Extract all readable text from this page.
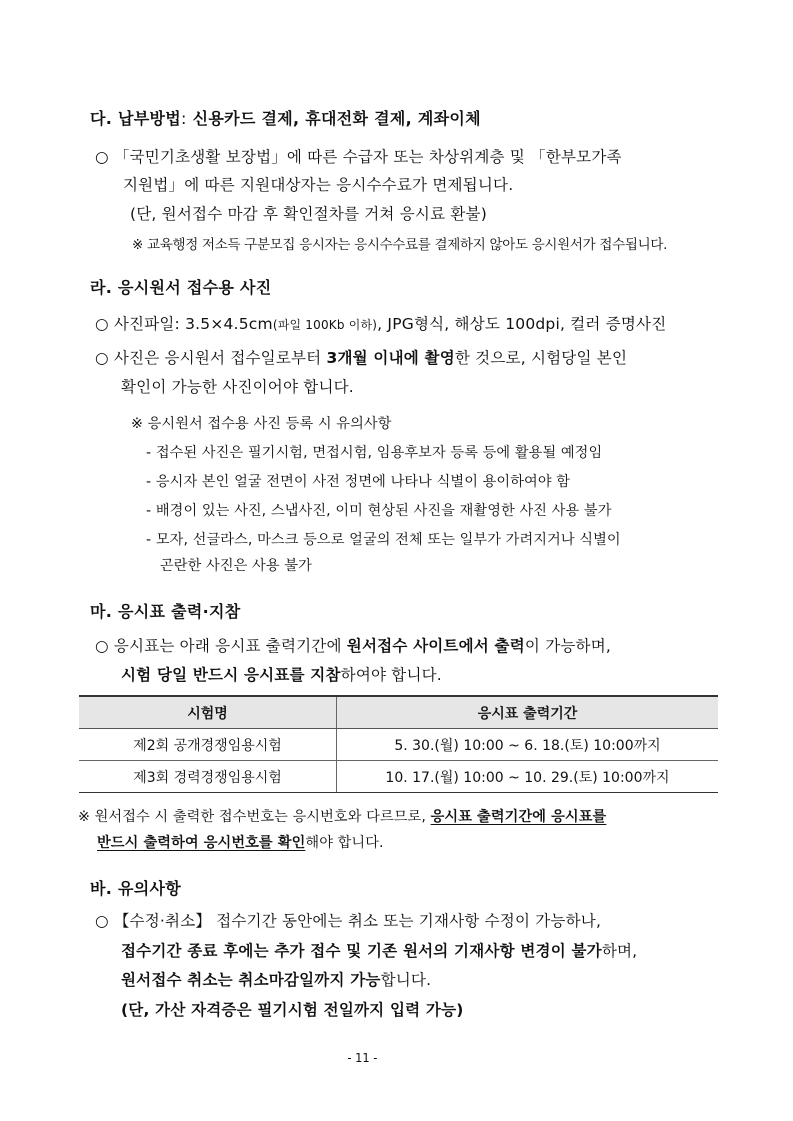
다. 납부방법: 신용카드 결제, 휴대전화 결제, 계좌이체
○ 「국민기초생활 보장법」에 따른 수급자 또는 차상위계층 및 「한부모가족
지원법」에 따른 지원대상자는 응시수수료가 면제됩니다.
(단, 원서접수 마감 후 확인절차를 거쳐 응시료 환불)
※ 교육행정 저소득 구분모집 응시자는 응시수수료를 결제하지 않아도 응시원서가 접수됩니다.
라. 응시원서 접수용 사진
○ 사진파일: 3.5×4.5cm(파일 100Kb 이하), JPG형식, 해상도 100dpi, 컬러 증명사진
○ 사진은 응시원서 접수일로부터 3개월 이내에 촬영한 것으로, 시험당일 본인
확인이 가능한 사진이어야 합니다.
※ 응시원서 접수용 사진 등록 시 유의사항
- 접수된 사진은 필기시험, 면접시험, 임용후보자 등록 등에 활용될 예정임
- 응시자 본인 얼굴 전면이 사전 정면에 나타나 식별이 용이하여야 함
- 배경이 있는 사진, 스냅사진, 이미 현상된 사진을 재촬영한 사진 사용 불가
- 모자, 선글라스, 마스크 등으로 얼굴의 전체 또는 일부가 가려지거나 식별이
곤란한 사진은 사용 불가
마. 응시표 출력·지참
○ 응시표는 아래 응시표 출력기간에 원서접수 사이트에서 출력이 가능하며,
시험 당일 반드시 응시표를 지참하여야 합니다.
시험명	응시표 출력기간
제2회 공개경쟁임용시험	5. 30.(월) 10:00 ~ 6. 18.(토) 10:00까지
제3회 경력경쟁임용시험	10. 17.(월) 10:00 ~ 10. 29.(토) 10:00까지
※ 원서접수 시 출력한 접수번호는 응시번호와 다르므로, 응시표 출력기간에 응시표를
반드시 출력하여 응시번호를 확인해야 합니다.
바. 유의사항
○ 【수정·취소】 접수기간 동안에는 취소 또는 기재사항 수정이 가능하나,
접수기간 종료 후에는 추가 접수 및 기존 원서의 기재사항 변경이 불가하며,
원서접수 취소는 취소마감일까지 가능합니다.
(단, 가산 자격증은 필기시험 전일까지 입력 가능)
- 11 -
